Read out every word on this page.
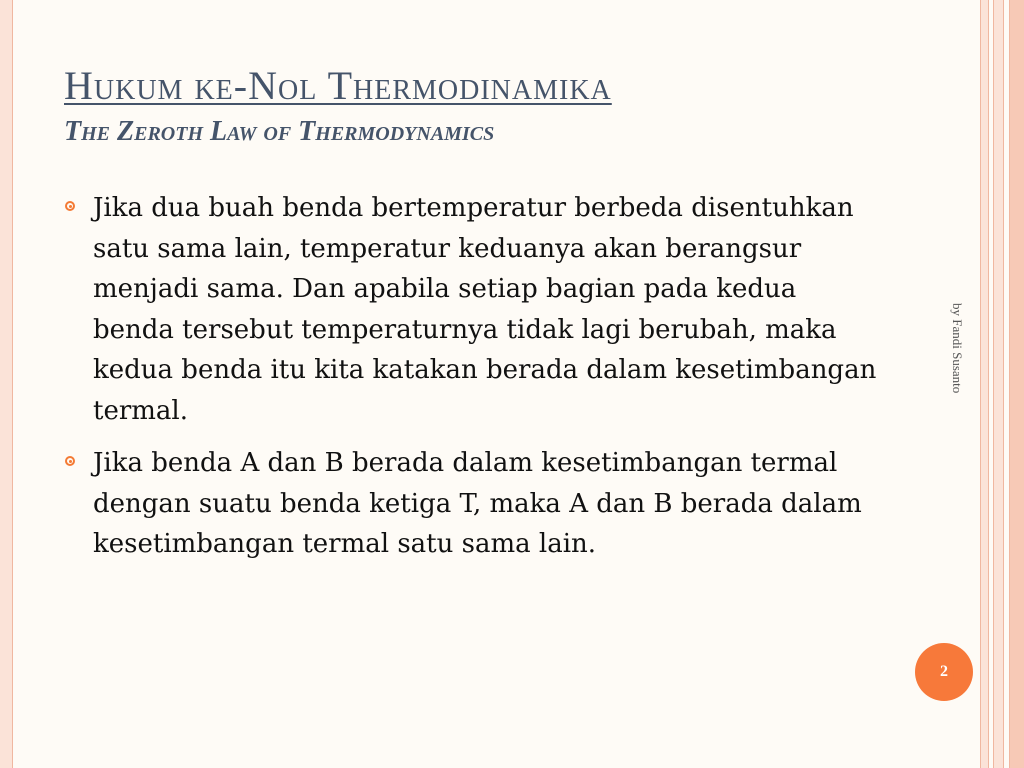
Hukum ke-Nol Thermodinamika
The Zeroth Law of Thermodynamics

Jika dua buah benda bertemperatur berbeda disentuhkan satu sama lain, temperatur keduanya akan berangsur menjadi sama. Dan apabila setiap bagian pada kedua benda tersebut temperaturnya tidak lagi berubah, maka kedua benda itu kita katakan berada dalam kesetimbangan termal.

Jika benda A dan B berada dalam kesetimbangan termal dengan suatu benda ketiga T, maka A dan B berada dalam kesetimbangan termal satu sama lain.

by Fandi Susanto
2
